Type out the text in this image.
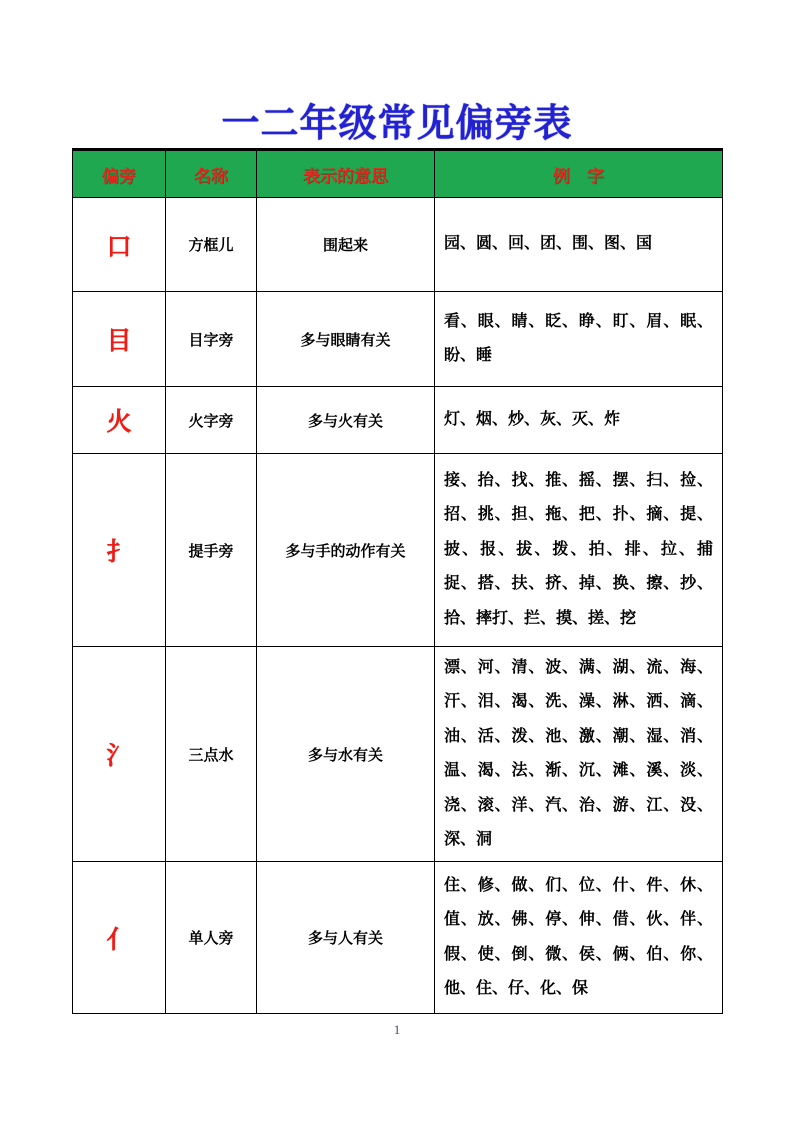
一二年级常见偏旁表
偏旁	名称	表示的意思	例　字
口	方框儿	围起来	园、圆、回、团、围、图、国
目	目字旁	多与眼睛有关	看、眼、睛、眨、睁、盯、眉、眠、盼、睡
火	火字旁	多与火有关	灯、烟、炒、灰、灭、炸
扌	提手旁	多与手的动作有关	接、抬、找、推、摇、摆、扫、捡、招、挑、担、拖、把、扑、摘、提、披、报、拔、拨、拍、排、拉、捕捉、搭、扶、挤、掉、换、擦、抄、拾、摔打、拦、摸、搓、挖
氵	三点水	多与水有关	漂、河、清、波、满、湖、流、海、汗、泪、渴、洗、澡、淋、洒、滴、油、活、泼、池、激、潮、湿、消、温、渴、法、渐、沉、滩、溪、淡、浇、滚、洋、汽、治、游、江、没、深、洞
亻	单人旁	多与人有关	住、修、做、们、位、什、件、休、值、放、佛、停、伸、借、伙、伴、假、使、倒、微、侯、俩、伯、你、他、住、仔、化、保
1
